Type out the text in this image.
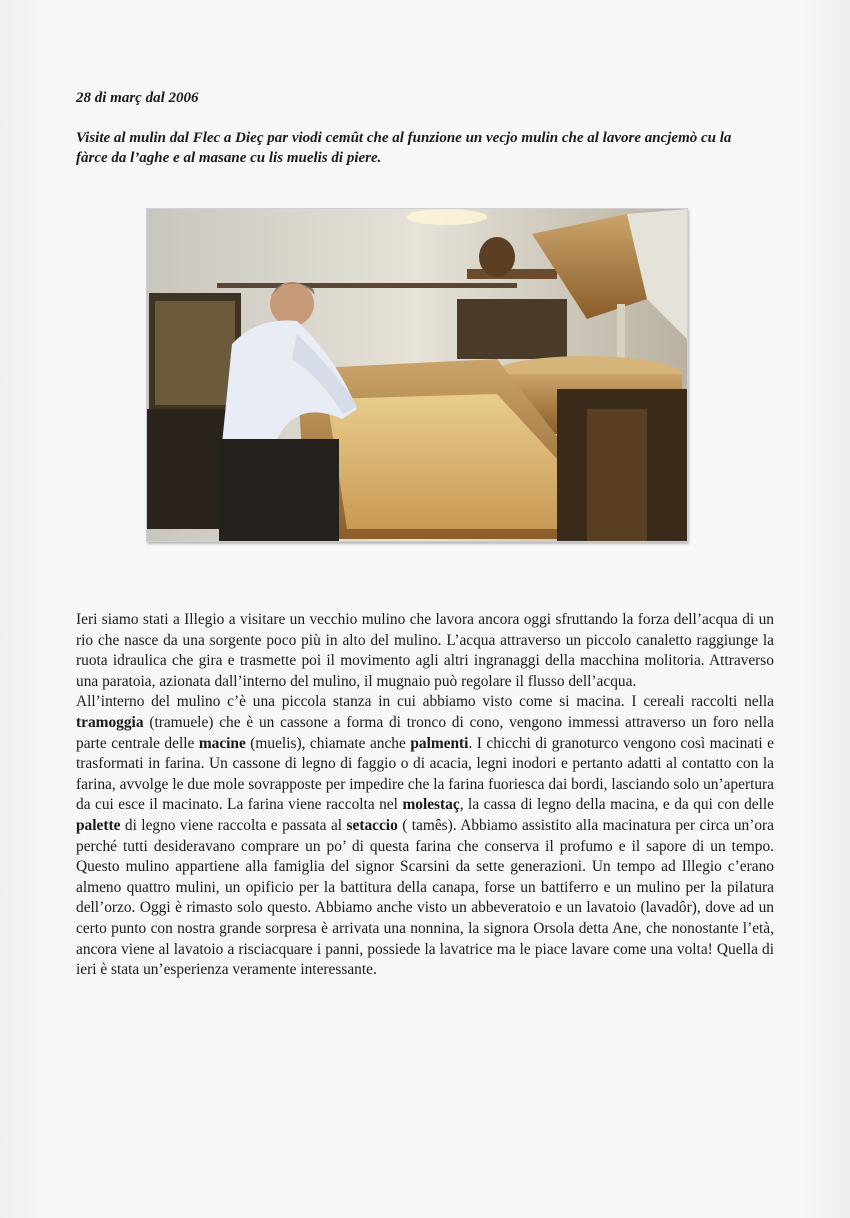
28 di març dal 2006
Visite al mulin dal Flec a Dieç par viodi cemût che al funzione un vecjo mulin che al lavore ancjemò cu la fàrce da l’aghe e al masane cu lis muelis di piere.

Ieri siamo stati a Illegio a visitare un vecchio mulino che lavora ancora oggi sfruttando la forza dell’acqua di un rio che nasce da una sorgente poco più in alto del mulino. L’acqua attraverso un piccolo canaletto raggiunge la ruota idraulica che gira e trasmette poi il movimento agli altri ingranaggi della macchina molitoria. Attraverso una paratoia, azionata dall’interno del mulino, il mugnaio può regolare il flusso dell’acqua.

All’interno del mulino c’è una piccola stanza in cui abbiamo visto come si macina. I cereali raccolti nella tramoggia (tramuele) che è un cassone a forma di tronco di cono, vengono immessi attraverso un foro nella parte centrale delle macine (muelis), chiamate anche palmenti. I chicchi di granoturco vengono così macinati e trasformati in farina. Un cassone di legno di faggio o di acacia, legni inodori e pertanto adatti al contatto con la farina, avvolge le due mole sovrapposte per impedire che la farina fuoriesca dai bordi, lasciando solo un’apertura da cui esce il macinato. La farina viene raccolta nel molestaç, la cassa di legno della macina, e da qui con delle palette di legno viene raccolta e passata al setaccio ( tamês). Abbiamo assistito alla macinatura per circa un’ora perché tutti desideravano comprare un po’ di questa farina che conserva il profumo e il sapore di un tempo. Questo mulino appartiene alla famiglia del signor Scarsini da sette generazioni. Un tempo ad Illegio c’erano almeno quattro mulini, un opificio per la battitura della canapa, forse un battiferro e un mulino per la pilatura dell’orzo. Oggi è rimasto solo questo. Abbiamo anche visto un abbeveratoio e un lavatoio (lavadôr), dove ad un certo punto con nostra grande sorpresa è arrivata una nonnina, la signora Orsola detta Ane, che nonostante l’età, ancora viene al lavatoio a risciacquare i panni, possiede la lavatrice ma le piace lavare come una volta! Quella di ieri è stata un’esperienza veramente interessante.
